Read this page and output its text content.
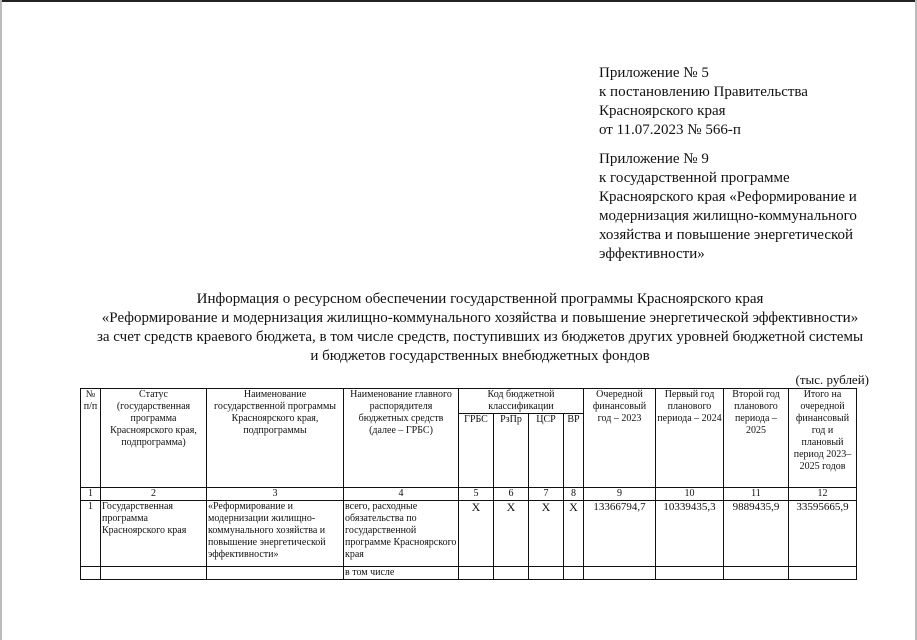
Приложение № 5
к постановлению Правительства
Красноярского края
от 11.07.2023 № 566-п
Приложение № 9
к государственной программе
Красноярского края «Реформирование и
модернизация жилищно-коммунального
хозяйства и повышение энергетической
эффективности»
Информация о ресурсном обеспечении государственной программы Красноярского края
«Реформирование и модернизация жилищно-коммунального хозяйства и повышение энергетической эффективности»
за счет средств краевого бюджета, в том числе средств, поступивших из бюджетов других уровней бюджетной системы
и бюджетов государственных внебюджетных фондов
(тыс. рублей)
№ п/п	Статус (государственная программа Красноярского края, подпрограмма)	Наименование государственной программы Красноярского края, подпрограммы	Наименование главного распорядителя бюджетных средств (далее – ГРБС)	Код бюджетной классификации				Очередной финансовый год – 2023	Первый год планового периода – 2024	Второй год планового периода – 2025	Итого на очередной финансовый год и плановый период 2023–2025 годов
				ГРБС	РзПр	ЦСР	ВР				
1	2	3	4	5	6	7	8	9	10	11	12
1	Государственная программа Красноярского края	«Реформирование и модернизации жилищно-коммунального хозяйства и повышение энергетической эффективности»	всего, расходные обязательства по государственной программе Красноярского края	Х	Х	Х	Х	13366794,7	10339435,3	9889435,9	33595665,9
			в том числе								
